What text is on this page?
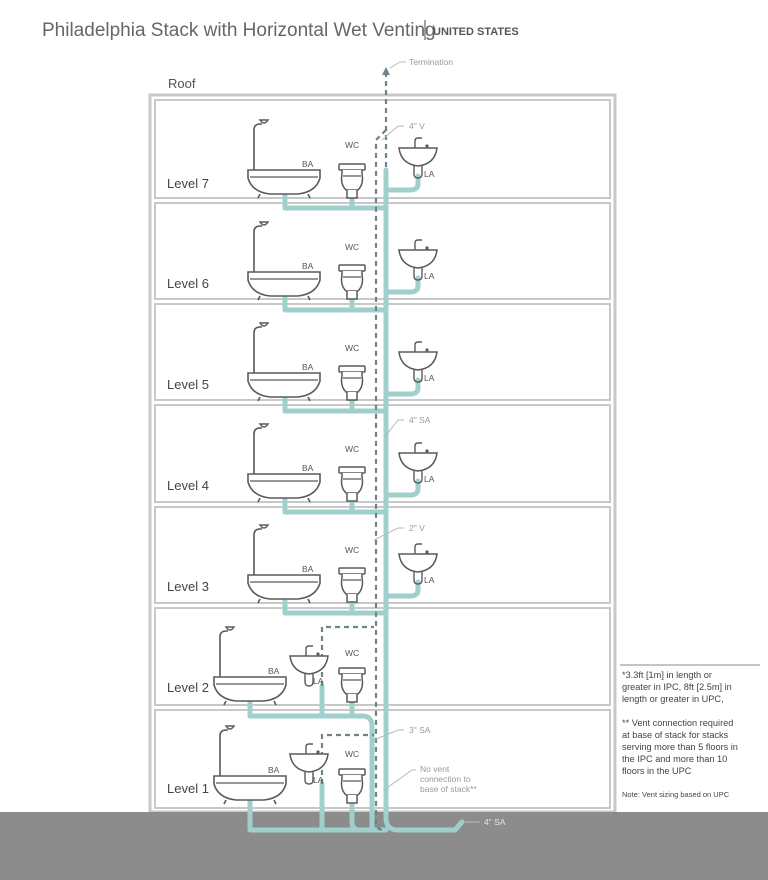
Philadelphia Stack with Horizontal Wet Venting
UNITED STATES
Roof
Level 7
Level 6
Level 5
Level 4
Level 3
Level 2
Level 1
BA
WC
LA
BA
WC
LA
BA
WC
LA
BA
WC
LA
BA
WC
LA
BA
WC
LA
BA
WC
LA
Termination
4" V
4" SA
2" V
3" SA
No vent
connection to
base of stack**
4" SA
*3.3ft [1m] in length or
greater in IPC, 8ft [2.5m] in
length or greater in UPC,
** Vent connection required
at base of stack for stacks
serving more than 5 floors in
the IPC and more than 10
floors in the UPC
Note: Vent sizing based on UPC
